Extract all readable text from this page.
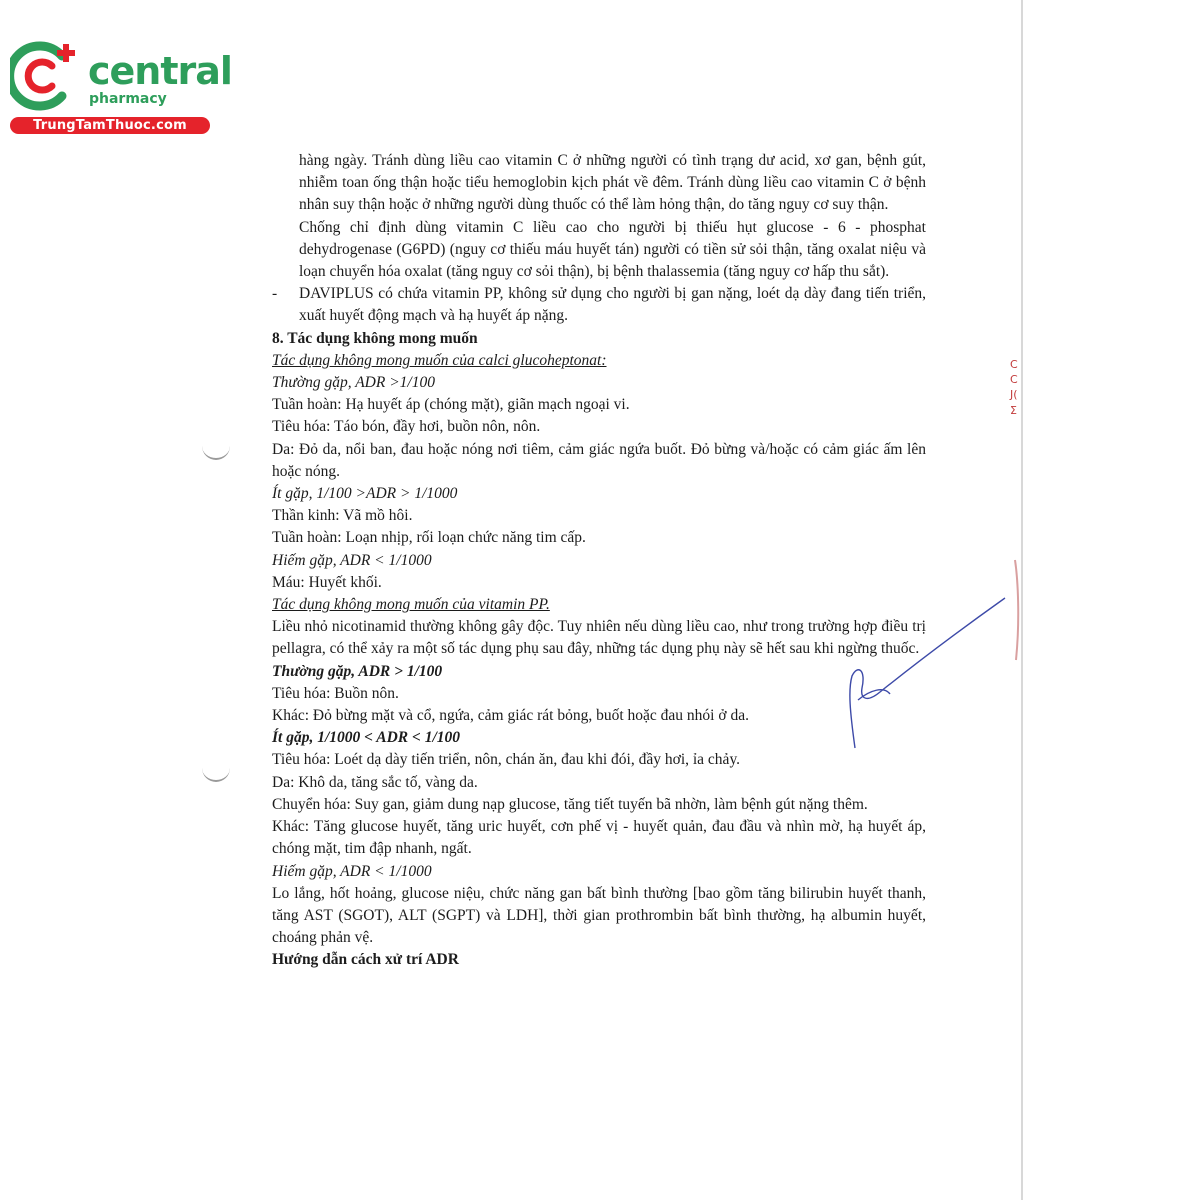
central
pharmacy
TrungTamThuoc.com
C
C
J(
Σ

hàng ngày. Tránh dùng liều cao vitamin C ở những người có tình trạng dư acid, xơ gan, bệnh gút, nhiễm toan ống thận hoặc tiểu hemoglobin kịch phát về đêm. Tránh dùng liều cao vitamin C ở bệnh nhân suy thận hoặc ở những người dùng thuốc có thể làm hỏng thận, do tăng nguy cơ suy thận.

Chống chỉ định dùng vitamin C liều cao cho người bị thiếu hụt glucose - 6 - phosphat dehydrogenase (G6PD) (nguy cơ thiếu máu huyết tán) người có tiền sử sỏi thận, tăng oxalat niệu và loạn chuyển hóa oxalat (tăng nguy cơ sỏi thận), bị bệnh thalassemia (tăng nguy cơ hấp thu sắt).

- DAVIPLUS có chứa vitamin PP, không sử dụng cho người bị gan nặng, loét dạ dày đang tiến triển, xuất huyết động mạch và hạ huyết áp nặng.

8. Tác dụng không mong muốn

Tác dụng không mong muốn của calci glucoheptonat:

Thường gặp, ADR >1/100

Tuần hoàn: Hạ huyết áp (chóng mặt), giãn mạch ngoại vi.

Tiêu hóa: Táo bón, đầy hơi, buồn nôn, nôn.

Da: Đỏ da, nổi ban, đau hoặc nóng nơi tiêm, cảm giác ngứa buốt. Đỏ bừng và/hoặc có cảm giác ấm lên hoặc nóng.

Ít gặp, 1/100 >ADR > 1/1000

Thần kinh: Vã mồ hôi.

Tuần hoàn: Loạn nhịp, rối loạn chức năng tim cấp.

Hiếm gặp, ADR < 1/1000

Máu: Huyết khối.

Tác dụng không mong muốn của vitamin PP.

Liều nhỏ nicotinamid thường không gây độc. Tuy nhiên nếu dùng liều cao, như trong trường hợp điều trị pellagra, có thể xảy ra một số tác dụng phụ sau đây, những tác dụng phụ này sẽ hết sau khi ngừng thuốc.

Thường gặp, ADR > 1/100

Tiêu hóa: Buồn nôn.

Khác: Đỏ bừng mặt và cổ, ngứa, cảm giác rát bỏng, buốt hoặc đau nhói ở da.

Ít gặp, 1/1000 < ADR < 1/100

Tiêu hóa: Loét dạ dày tiến triển, nôn, chán ăn, đau khi đói, đầy hơi, ỉa chảy.

Da: Khô da, tăng sắc tố, vàng da.

Chuyển hóa: Suy gan, giảm dung nạp glucose, tăng tiết tuyến bã nhờn, làm bệnh gút nặng thêm.

Khác: Tăng glucose huyết, tăng uric huyết, cơn phế vị - huyết quản, đau đầu và nhìn mờ, hạ huyết áp, chóng mặt, tim đập nhanh, ngất.

Hiếm gặp, ADR < 1/1000

Lo lắng, hốt hoảng, glucose niệu, chức năng gan bất bình thường [bao gồm tăng bilirubin huyết thanh, tăng AST (SGOT), ALT (SGPT) và LDH], thời gian prothrombin bất bình thường, hạ albumin huyết, choáng phản vệ.

Hướng dẫn cách xử trí ADR
